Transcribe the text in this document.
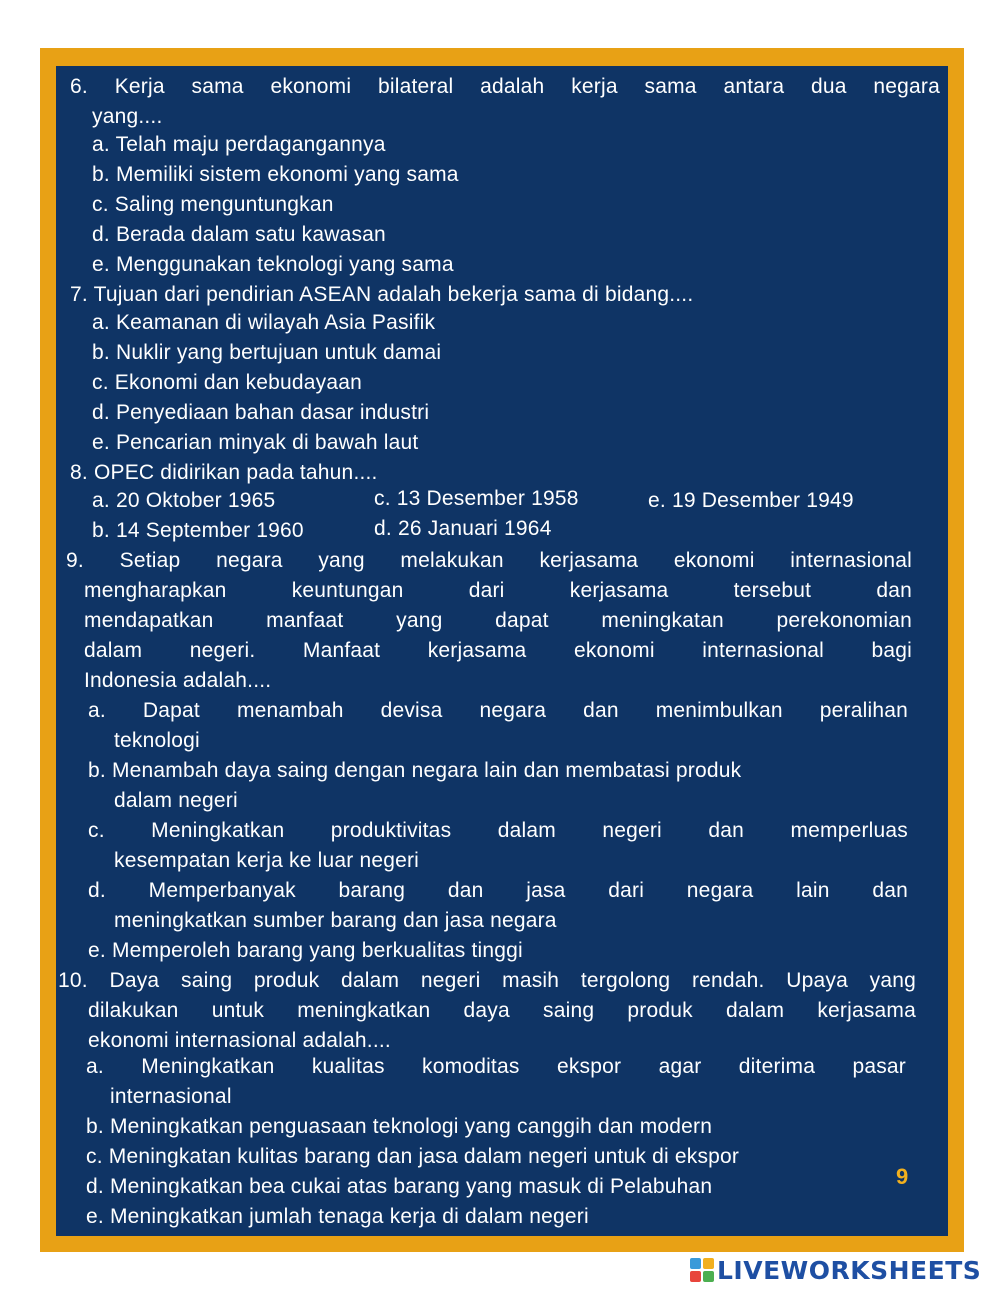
6. Kerja sama ekonomi bilateral adalah kerja sama antara dua negara
yang....
a. Telah maju perdagangannya
b. Memiliki sistem ekonomi yang sama
c. Saling menguntungkan
d. Berada dalam satu kawasan
e. Menggunakan teknologi yang sama
7. Tujuan dari pendirian ASEAN adalah bekerja sama di bidang....
a. Keamanan di wilayah Asia Pasifik
b. Nuklir yang bertujuan untuk damai
c. Ekonomi dan kebudayaan
d. Penyediaan bahan dasar industri
e. Pencarian minyak di bawah laut
8. OPEC didirikan pada tahun....
a. 20 Oktober 1965	c. 13 Desember 1958	e. 19 Desember 1949
b. 14 September 1960	d. 26 Januari 1964
9. Setiap negara yang melakukan kerjasama ekonomi internasional
mengharapkan keuntungan dari kerjasama tersebut dan
mendapatkan manfaat yang dapat meningkatan perekonomian
dalam negeri. Manfaat kerjasama ekonomi internasional bagi
Indonesia adalah....
a. Dapat menambah devisa negara dan menimbulkan peralihan
teknologi
b. Menambah daya saing dengan negara lain dan membatasi produk
dalam negeri
c. Meningkatkan produktivitas dalam negeri dan memperluas
kesempatan kerja ke luar negeri
d. Memperbanyak barang dan jasa dari negara lain dan
meningkatkan sumber barang dan jasa negara
e. Memperoleh barang yang berkualitas tinggi
10. Daya saing produk dalam negeri masih tergolong rendah. Upaya yang
dilakukan untuk meningkatkan daya saing produk dalam kerjasama
ekonomi internasional adalah....
a. Meningkatkan kualitas komoditas ekspor agar diterima pasar
internasional
b. Meningkatkan penguasaan teknologi yang canggih dan modern
c. Meningkatan kulitas barang dan jasa dalam negeri untuk di ekspor
d. Meningkatkan bea cukai atas barang yang masuk di Pelabuhan
e. Meningkatkan jumlah tenaga kerja di dalam negeri
9
LIVEWORKSHEETS
